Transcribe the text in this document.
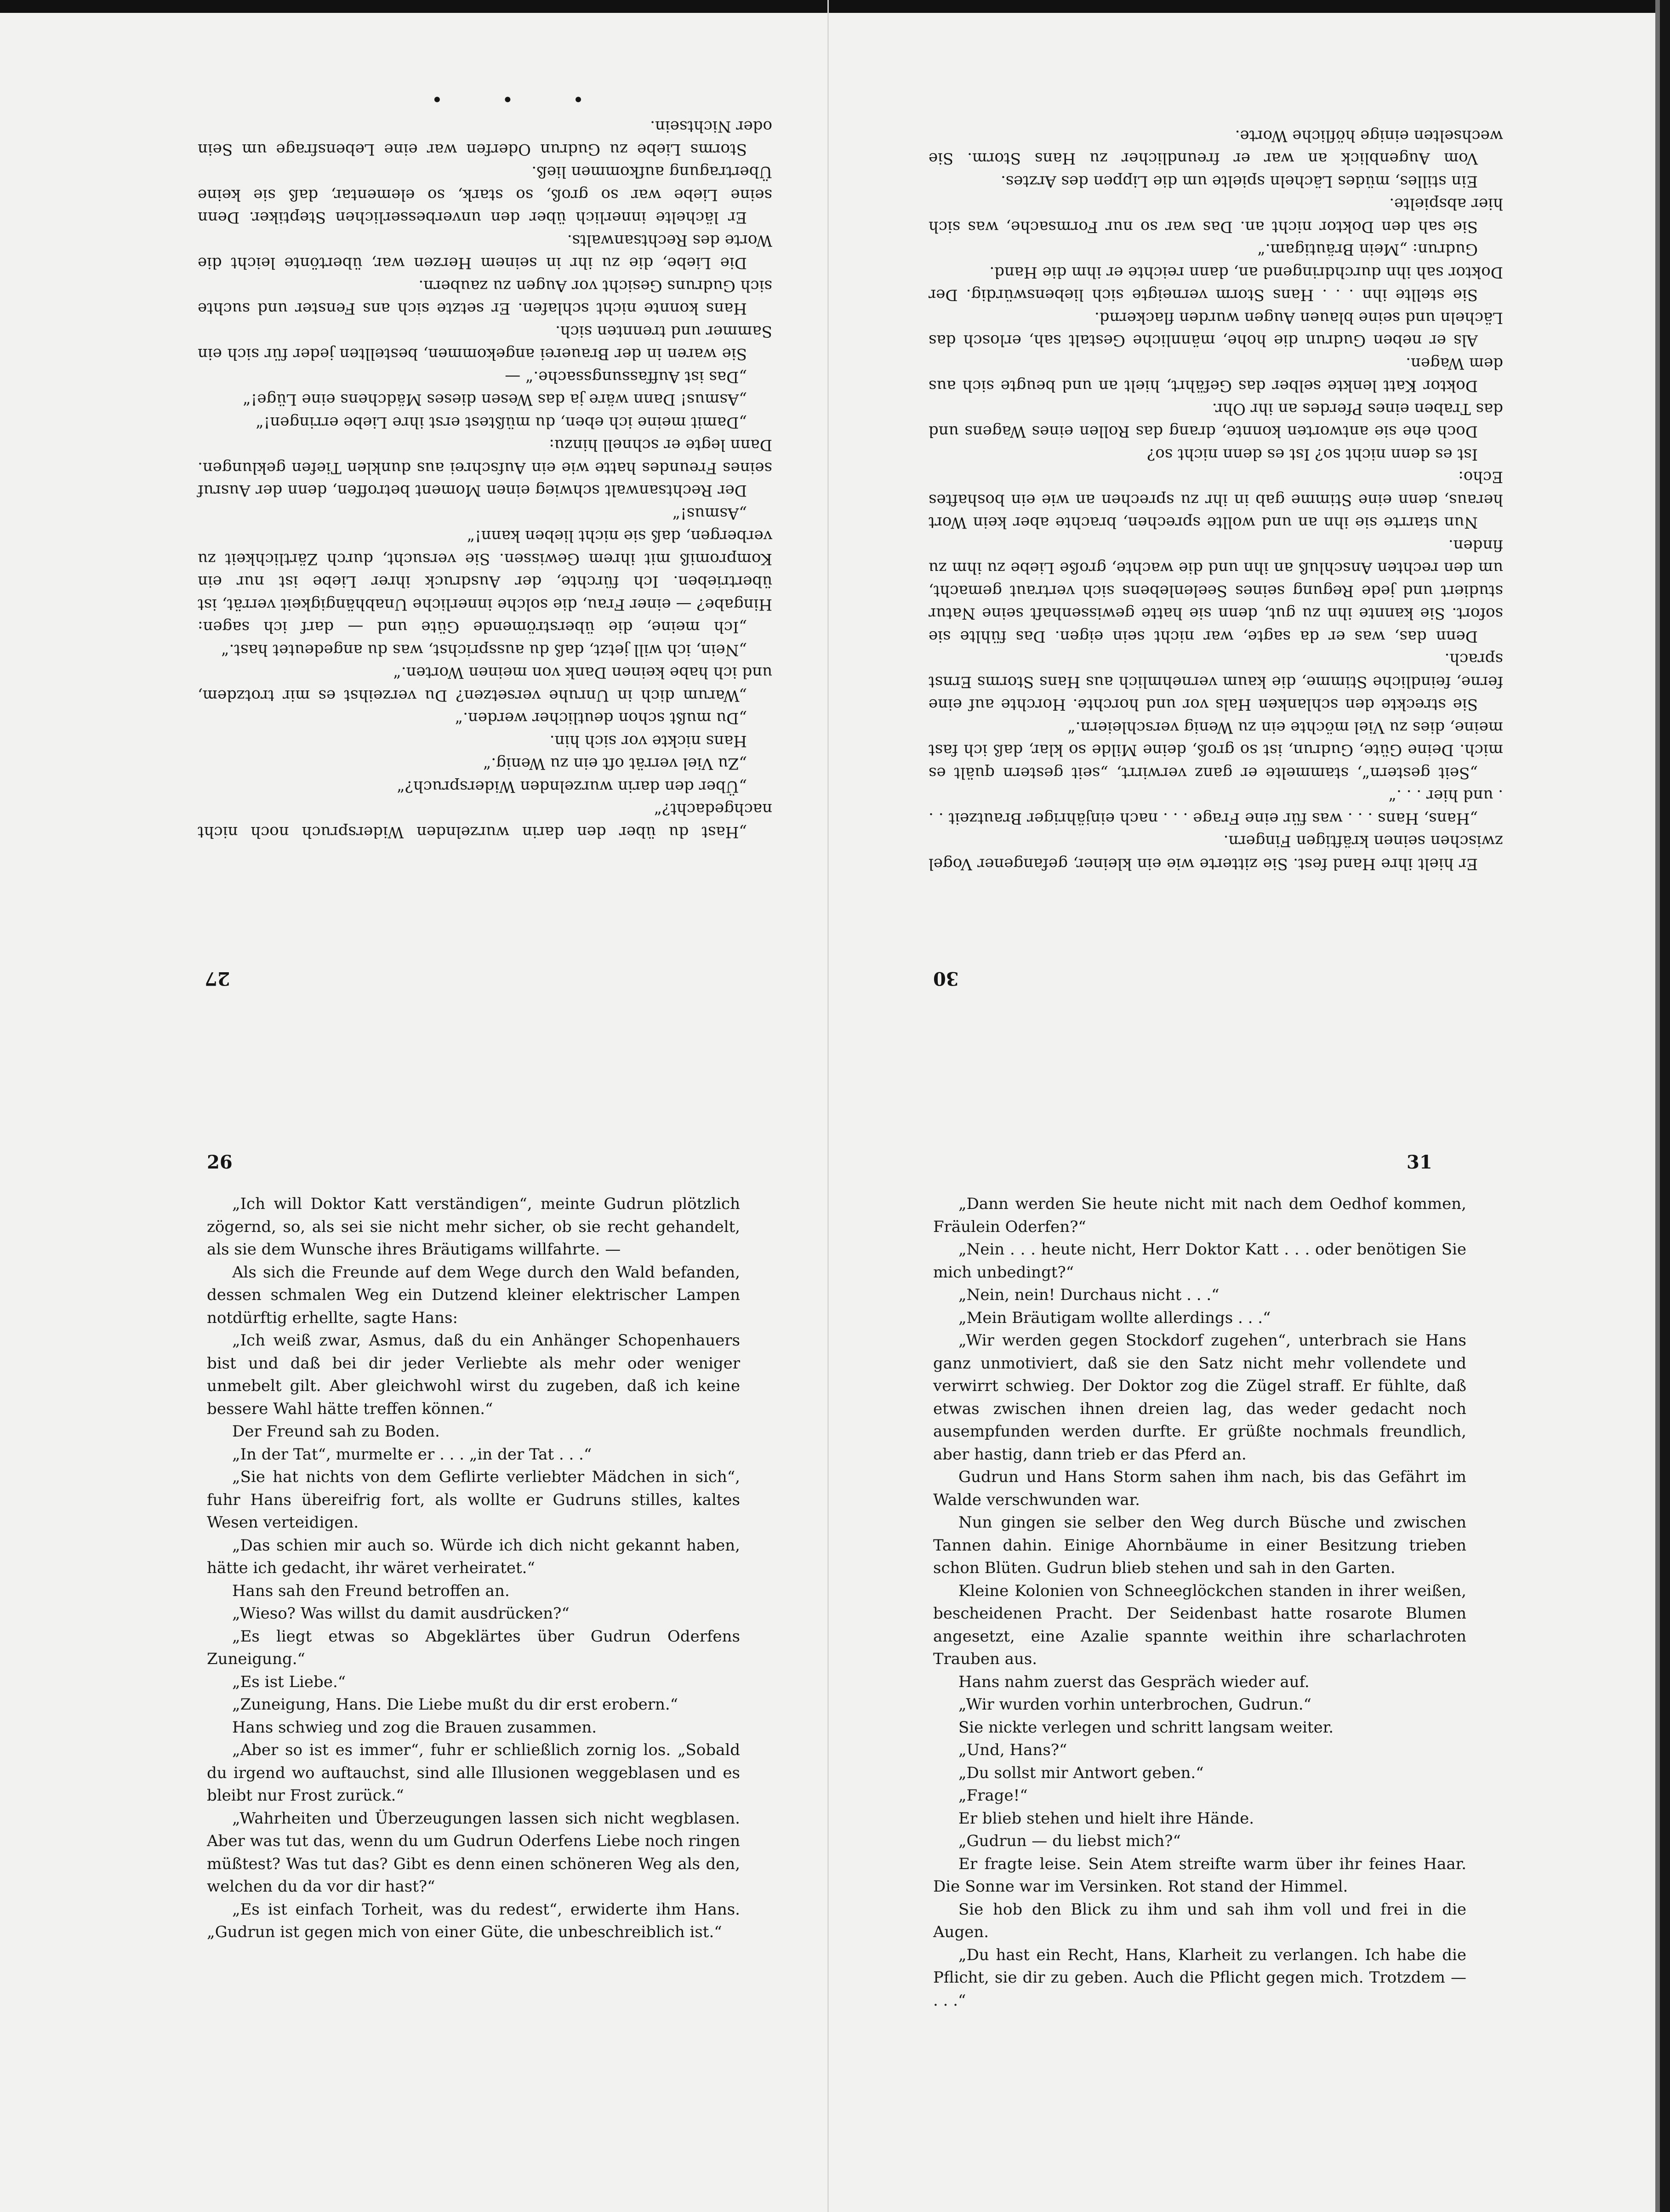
„Hast du über den darin wurzelnden Widerspruch noch nicht nachgedacht?“

„Über den darin wurzelnden Widerspruch?“

„Zu Viel verrät oft ein zu Wenig.“

Hans nickte vor sich hin.

„Du mußt schon deutlicher werden.“

„Warum dich in Unruhe versetzen? Du verzeihst es mir trotzdem, und ich habe keinen Dank von meinen Worten.“

„Nein, ich will jetzt, daß du aussprichst, was du angedeutet hast.“

„Ich meine, die überströmende Güte und — darf ich sagen: Hingabe? — einer Frau, die solche innerliche Unabhängigkeit verrät, ist übertrieben. Ich fürchte, der Ausdruck ihrer Liebe ist nur ein Kompromiß mit ihrem Gewissen. Sie versucht, durch Zärtlichkeit zu verbergen, daß sie nicht lieben kann!“

„Asmus!“

Der Rechtsanwalt schwieg einen Moment betroffen, denn der Ausruf seines Freundes hatte wie ein Aufschrei aus dunklen Tiefen geklungen. Dann legte er schnell hinzu:

„Damit meine ich eben, du müßtest erst ihre Liebe erringen!“

„Asmus! Dann wäre ja das Wesen dieses Mädchens eine Lüge!“

„Das ist Auffassungssache.“ —

Sie waren in der Brauerei angekommen, bestellten jeder für sich ein Sammer und trennten sich.

Hans konnte nicht schlafen. Er setzte sich ans Fenster und suchte sich Gudruns Gesicht vor Augen zu zaubern.

Die Liebe, die zu ihr in seinem Herzen war, übertönte leicht die Worte des Rechtsanwalts.

Er lächelte innerlich über den unverbesserlichen Steptiker. Denn seine Liebe war so groß, so stark, so elementar, daß sie keine Übertragung aufkommen ließ.

Storms Liebe zu Gudrun Oderfen war eine Lebensfrage um Sein oder Nichtsein.

• • •
27

Er hielt ihre Hand fest. Sie zitterte wie ein kleiner, gefangener Vogel zwischen seinen kräftigen Fingern.

„Hans, Hans . . . was für eine Frage . . . nach einjähriger Brautzeit . . . und hier . . .“

„Seit gestern“, stammelte er ganz verwirrt, „seit gestern quält es mich. Deine Güte, Gudrun, ist so groß, deine Milde so klar, daß ich fast meine, dies zu Viel möchte ein zu Wenig verschleiern.“

Sie streckte den schlanken Hals vor und horchte. Horchte auf eine ferne, feindliche Stimme, die kaum vernehmlich aus Hans Storms Ernst sprach.

Denn das, was er da sagte, war nicht sein eigen. Das fühlte sie sofort. Sie kannte ihn zu gut, denn sie hatte gewissenhaft seine Natur studiert und jede Regung seines Seelenlebens sich vertraut gemacht, um den rechten Anschluß an ihn und die wachte, große Liebe zu ihm zu finden.

Nun starrte sie ihn an und wollte sprechen, brachte aber kein Wort heraus, denn eine Stimme gab in ihr zu sprechen an wie ein boshaftes Echo:

Ist es denn nicht so? Ist es denn nicht so?

Doch ehe sie antworten konnte, drang das Rollen eines Wagens und das Traben eines Pferdes an ihr Ohr.

Doktor Katt lenkte selber das Gefährt, hielt an und beugte sich aus dem Wagen.

Als er neben Gudrun die hohe, männliche Gestalt sah, erlosch das Lächeln und seine blauen Augen wurden flackernd.

Sie stellte ihn . . . Hans Storm verneigte sich liebenswürdig. Der Doktor sah ihn durchdringend an, dann reichte er ihm die Hand.

Gudrun: „Mein Bräutigam.“

Sie sah den Doktor nicht an. Das war so nur Formsache, was sich hier abspielte.

Ein stilles, müdes Lächeln spielte um die Lippen des Arztes.

Vom Augenblick an war er freundlicher zu Hans Storm. Sie wechselten einige höfliche Worte.

30
26

„Ich will Doktor Katt verständigen“, meinte Gudrun plötzlich zögernd, so, als sei sie nicht mehr sicher, ob sie recht gehandelt, als sie dem Wunsche ihres Bräutigams willfahrte. —

Als sich die Freunde auf dem Wege durch den Wald befanden, dessen schmalen Weg ein Dutzend kleiner elektrischer Lampen notdürftig erhellte, sagte Hans:

„Ich weiß zwar, Asmus, daß du ein Anhänger Schopenhauers bist und daß bei dir jeder Verliebte als mehr oder weniger unmebelt gilt. Aber gleichwohl wirst du zugeben, daß ich keine bessere Wahl hätte treffen können.“

Der Freund sah zu Boden.

„In der Tat“, murmelte er . . . „in der Tat . . .“

„Sie hat nichts von dem Geflirte verliebter Mädchen in sich“, fuhr Hans übereifrig fort, als wollte er Gudruns stilles, kaltes Wesen verteidigen.

„Das schien mir auch so. Würde ich dich nicht gekannt haben, hätte ich gedacht, ihr wäret verheiratet.“

Hans sah den Freund betroffen an.

„Wieso? Was willst du damit ausdrücken?“

„Es liegt etwas so Abgeklärtes über Gudrun Oderfens Zuneigung.“

„Es ist Liebe.“

„Zuneigung, Hans. Die Liebe mußt du dir erst erobern.“

Hans schwieg und zog die Brauen zusammen.

„Aber so ist es immer“, fuhr er schließlich zornig los. „Sobald du irgend wo auftauchst, sind alle Illusionen weggeblasen und es bleibt nur Frost zurück.“

„Wahrheiten und Überzeugungen lassen sich nicht wegblasen. Aber was tut das, wenn du um Gudrun Oderfens Liebe noch ringen müßtest? Was tut das? Gibt es denn einen schöneren Weg als den, welchen du da vor dir hast?“

„Es ist einfach Torheit, was du redest“, erwiderte ihm Hans. „Gudrun ist gegen mich von einer Güte, die unbeschreiblich ist.“

31

„Dann werden Sie heute nicht mit nach dem Oedhof kommen, Fräulein Oderfen?“

„Nein . . . heute nicht, Herr Doktor Katt . . . oder benötigen Sie mich unbedingt?“

„Nein, nein! Durchaus nicht . . .“

„Mein Bräutigam wollte allerdings . . .“

„Wir werden gegen Stockdorf zugehen“, unterbrach sie Hans ganz unmotiviert, daß sie den Satz nicht mehr vollendete und verwirrt schwieg. Der Doktor zog die Zügel straff. Er fühlte, daß etwas zwischen ihnen dreien lag, das weder gedacht noch ausempfunden werden durfte. Er grüßte nochmals freundlich, aber hastig, dann trieb er das Pferd an.

Gudrun und Hans Storm sahen ihm nach, bis das Gefährt im Walde verschwunden war.

Nun gingen sie selber den Weg durch Büsche und zwischen Tannen dahin. Einige Ahornbäume in einer Besitzung trieben schon Blüten. Gudrun blieb stehen und sah in den Garten.

Kleine Kolonien von Schneeglöckchen standen in ihrer weißen, bescheidenen Pracht. Der Seidenbast hatte rosarote Blumen angesetzt, eine Azalie spannte weithin ihre scharlachroten Trauben aus.

Hans nahm zuerst das Gespräch wieder auf.

„Wir wurden vorhin unterbrochen, Gudrun.“

Sie nickte verlegen und schritt langsam weiter.

„Und, Hans?“

„Du sollst mir Antwort geben.“

„Frage!“

Er blieb stehen und hielt ihre Hände.

„Gudrun — du liebst mich?“

Er fragte leise. Sein Atem streifte warm über ihr feines Haar. Die Sonne war im Versinken. Rot stand der Himmel.

Sie hob den Blick zu ihm und sah ihm voll und frei in die Augen.

„Du hast ein Recht, Hans, Klarheit zu verlangen. Ich habe die Pflicht, sie dir zu geben. Auch die Pflicht gegen mich. Trotzdem — . . .“
